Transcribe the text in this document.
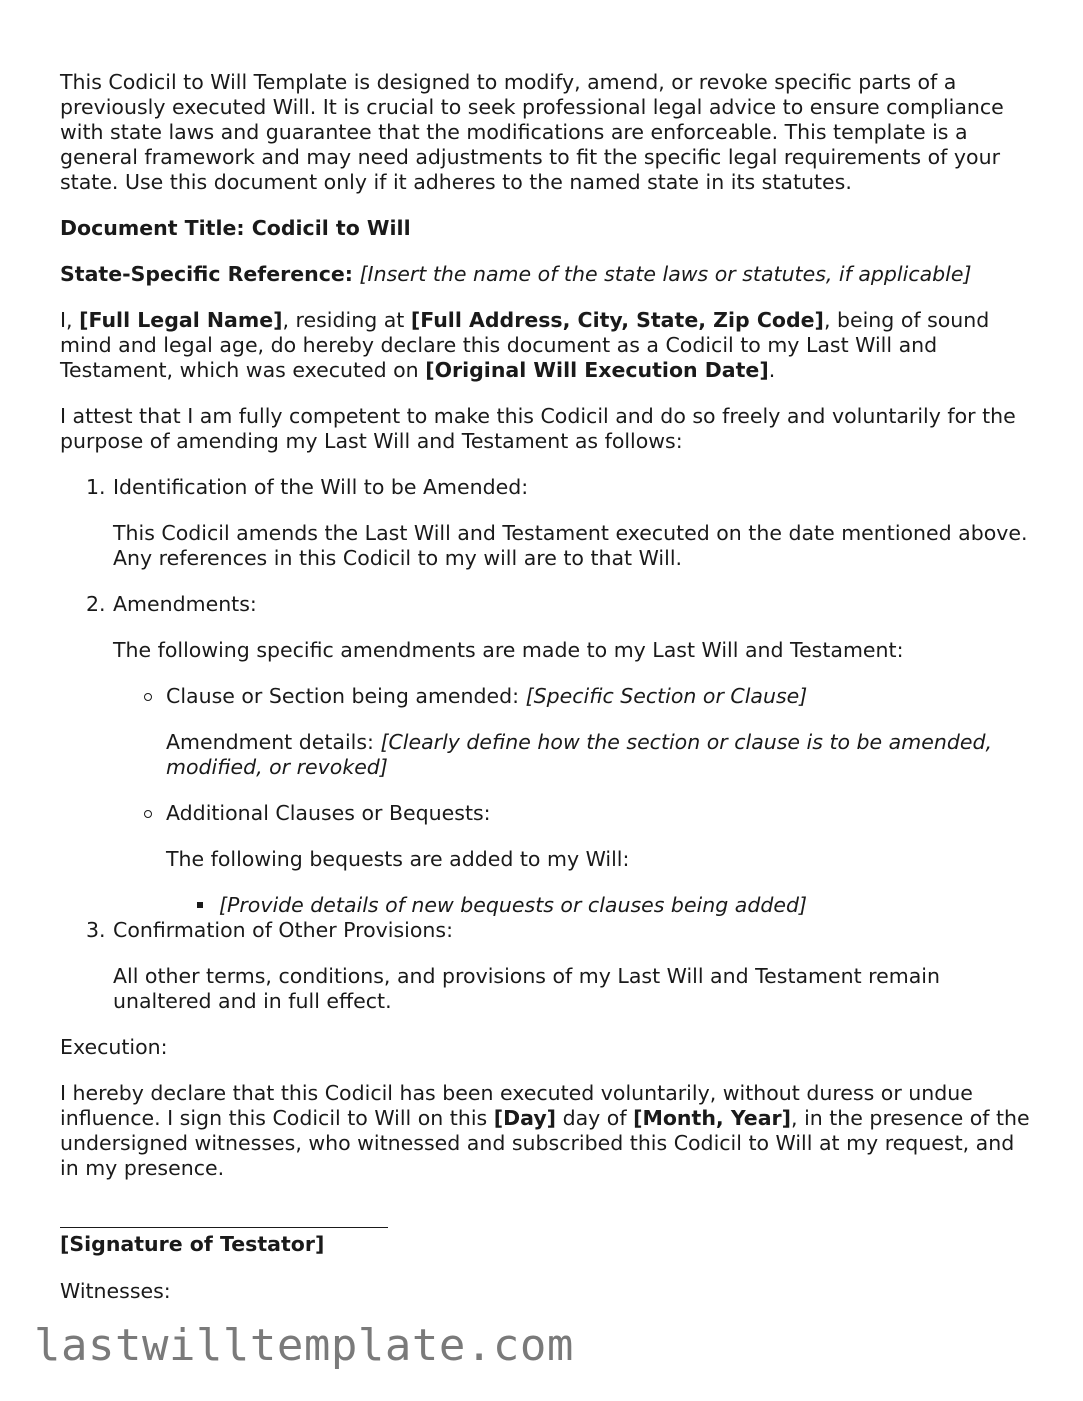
This Codicil to Will Template is designed to modify, amend, or revoke specific parts of a previously executed Will. It is crucial to seek professional legal advice to ensure compliance with state laws and guarantee that the modifications are enforceable. This template is a general framework and may need adjustments to fit the specific legal requirements of your state. Use this document only if it adheres to the named state in its statutes.

Document Title: Codicil to Will

State-Specific Reference: [Insert the name of the state laws or statutes, if applicable]

I, [Full Legal Name], residing at [Full Address, City, State, Zip Code], being of sound mind and legal age, do hereby declare this document as a Codicil to my Last Will and Testament, which was executed on [Original Will Execution Date].

I attest that I am fully competent to make this Codicil and do so freely and voluntarily for the purpose of amending my Last Will and Testament as follows:

Identification of the Will to be Amended:

This Codicil amends the Last Will and Testament executed on the date mentioned above. Any references in this Codicil to my will are to that Will.

Amendments:

The following specific amendments are made to my Last Will and Testament:

Clause or Section being amended: [Specific Section or Clause]

Amendment details: [Clearly define how the section or clause is to be amended, modified, or revoked]

Additional Clauses or Bequests:

The following bequests are added to my Will:

[Provide details of new bequests or clauses being added]

Confirmation of Other Provisions:

All other terms, conditions, and provisions of my Last Will and Testament remain unaltered and in full effect.

Execution:

I hereby declare that this Codicil has been executed voluntarily, without duress or undue influence. I sign this Codicil to Will on this [Day] day of [Month, Year], in the presence of the undersigned witnesses, who witnessed and subscribed this Codicil to Will at my request, and in my presence.

[Signature of Testator]

Witnesses:

lastwilltemplate.com
